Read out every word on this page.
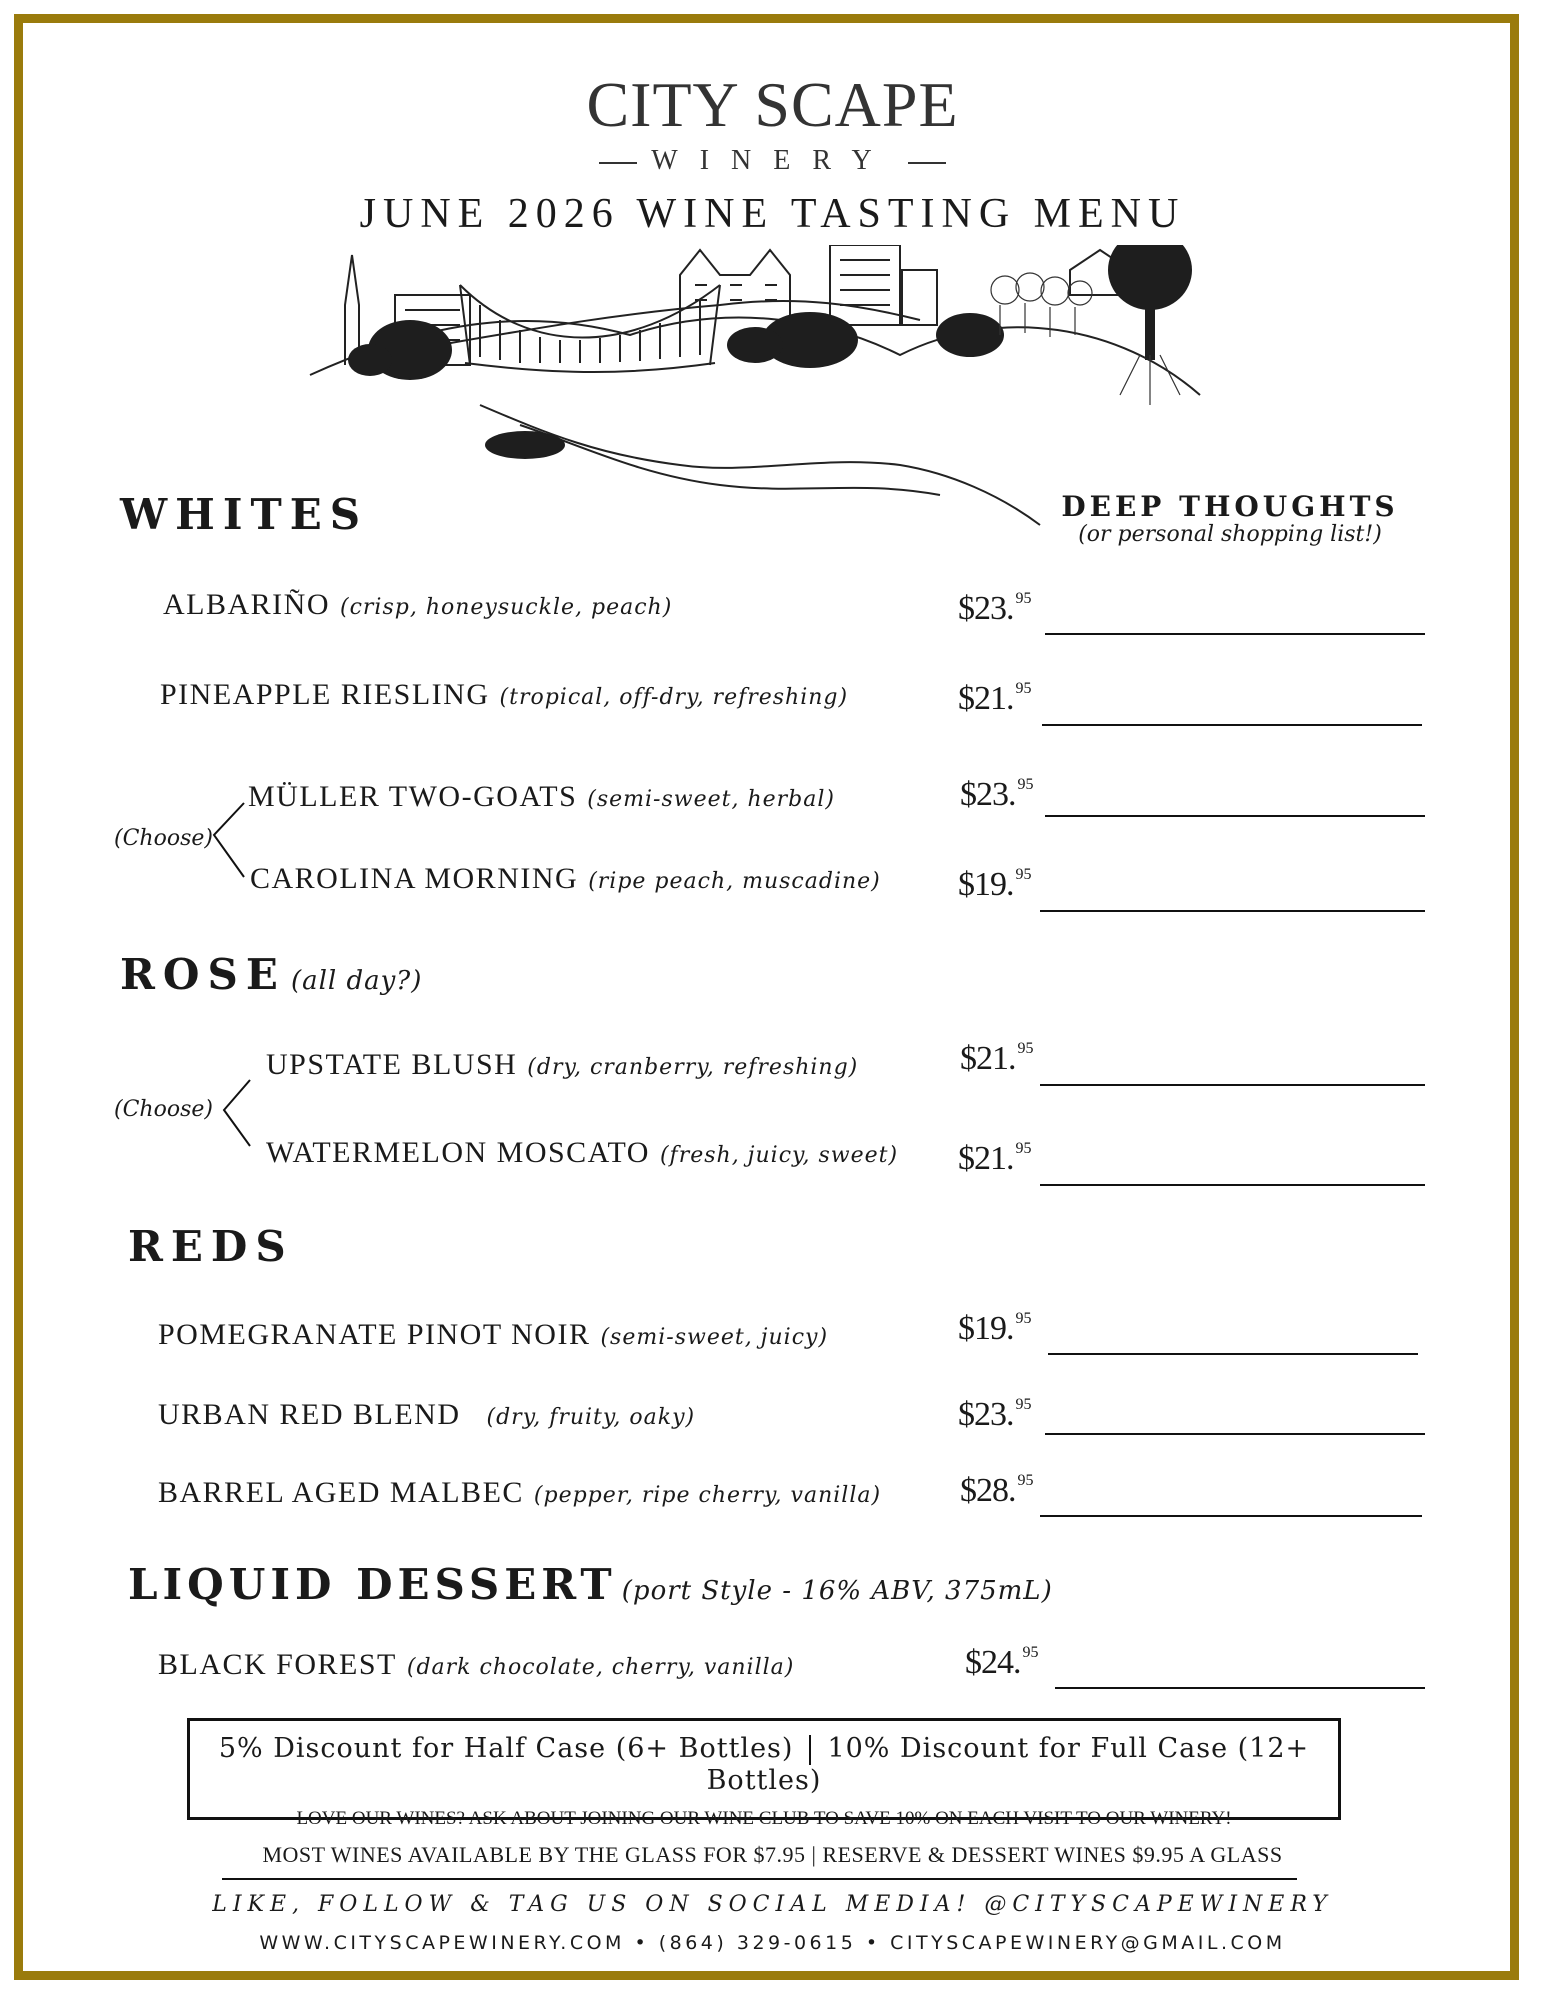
CITY SCAPE
WINERY
JUNE 2026 WINE TASTING MENU
DEEP THOUGHTS
(or personal shopping list!)
WHITES
ALBARIÑO (crisp, honeysuckle, peach)	$23. $^{95}$
PINEAPPLE RIESLING (tropical, off-dry, refreshing)	$21. $^{95}$
(Choose)
MÜLLER TWO-GOATS (semi-sweet, herbal)	$23. $^{95}$
CAROLINA MORNING (ripe peach, muscadine) $19. $^{95}$
ROSE (all day?)
(Choose)
UPSTATE BLUSH (dry, cranberry, refreshing)	$21. $^{95}$
WATERMELON MOSCATO (fresh, juicy, sweet) $21. $^{95}$
REDS
POMEGRANATE PINOT NOIR (semi-sweet, juicy)	$19. $^{95}$
URBAN RED BLEND (dry, fruity, oaky)	$23. $^{95}$
BARREL AGED MALBEC (pepper, ripe cherry, vanilla) $28. $^{95}$
LIQUID DESSERT (port Style - 16% ABV, 375mL)
BLACK FOREST (dark chocolate, cherry, vanilla)	$24. $^{95}$
5% Discount for Half Case (6+ Bottles) 10% Discount for Full Case (12+ Bottles)
LOVE OUR WINES? ASK ABOUT JOINING OUR WINE CLUB TO SAVE 10% ON EACH VISIT TO OUR WINERY!
MOST WINES AVAILABLE BY THE GLASS FOR $7.95 | RESERVE & DESSERT WINES $9.95 A GLASS
LIKE, FOLLOW & TAG US ON SOCIAL MEDIA! @CITYSCAPEWINERY
WWW.CITYSCAPEWINERY.COM • (864) 329-0615 • CITYSCAPEWINERY@GMAIL.COM
